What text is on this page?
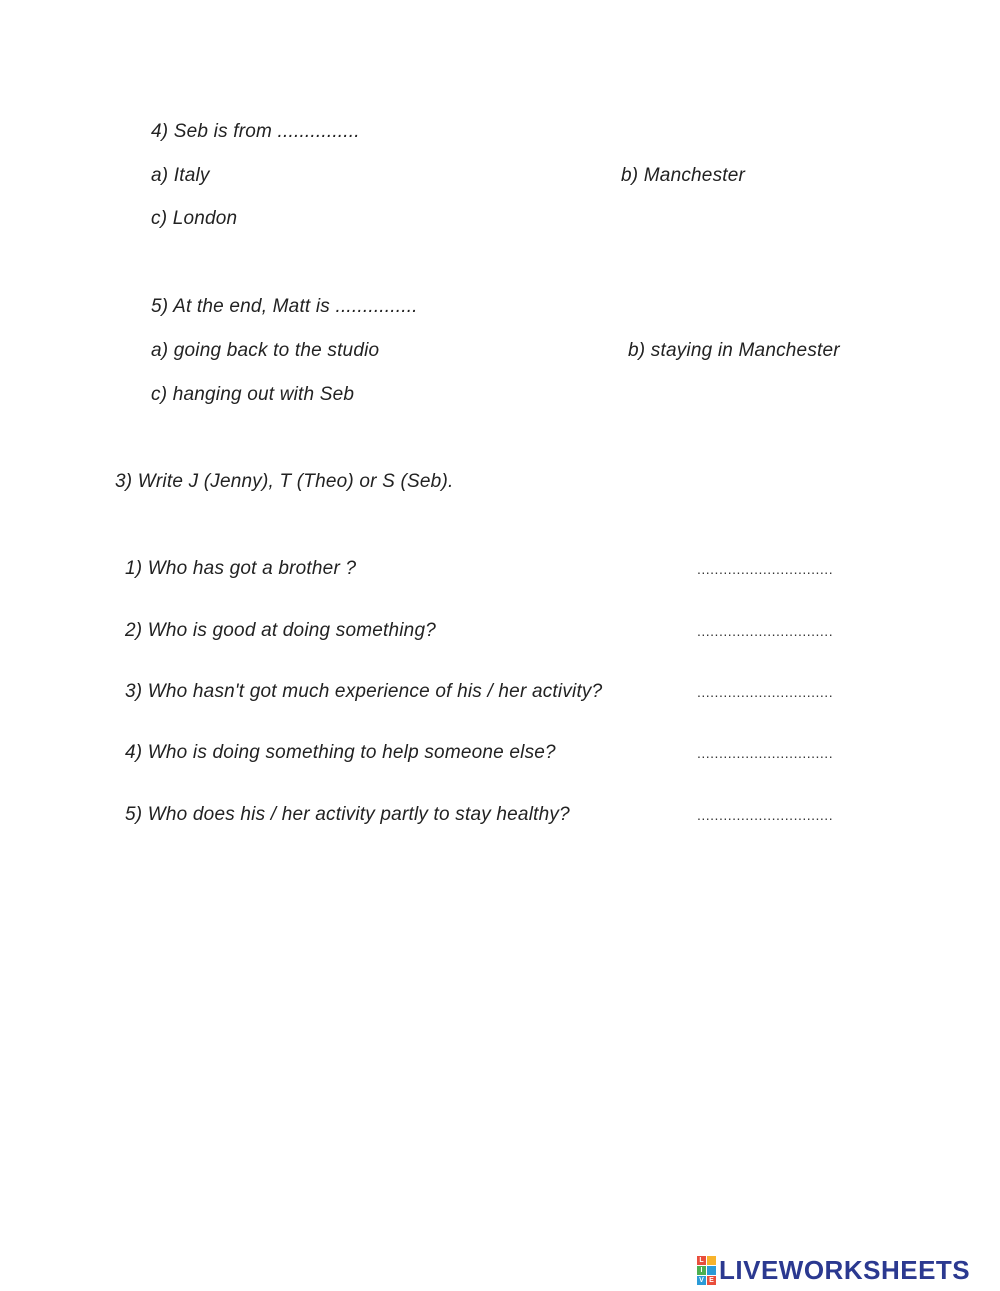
4) Seb is from ...............
a) Italy	b) Manchester
c) London
5) At the end, Matt is ...............
a) going back to the studio	b) staying in Manchester
c) hanging out with Seb
3) Write J (Jenny), T (Theo) or S (Seb).
1) Who has got a brother ?	...............................
2) Who is good at doing something?	...............................
3) Who hasn't got much experience of his / her activity?	...............................
4) Who is doing something to help someone else?	...............................
5) Who does his / her activity partly to stay healthy?	...............................
L
I
V E LIVEWORKSHEETS
